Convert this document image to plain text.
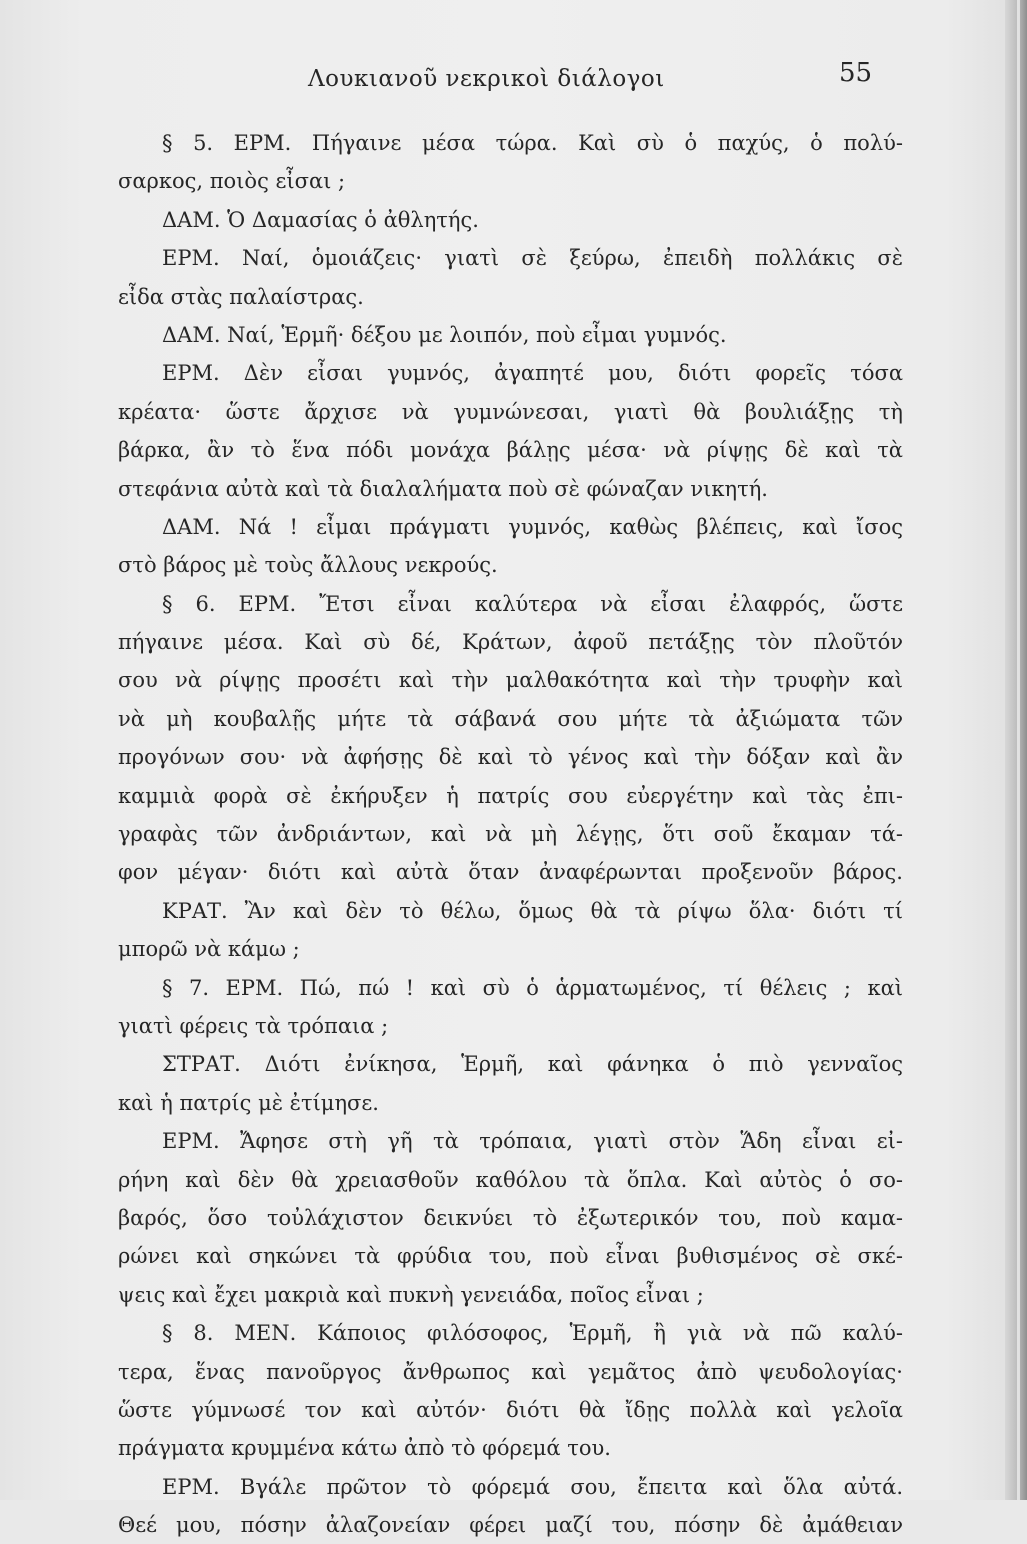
Λουκιανοῦ νεκρικοὶ διάλογοι	55
§ 5. ΕΡΜ. Πήγαινε μέσα τώρα. Καὶ σὺ ὁ παχύς, ὁ πολύ-
σαρκος, ποιὸς εἶσαι ;
ΔΑΜ. Ὁ Δαμασίας ὁ ἀθλητής.
ΕΡΜ. Ναί, ὁμοιάζεις· γιατὶ σὲ ξεύρω, ἐπειδὴ πολλάκις σὲ
εἶδα στὰς παλαίστρας.
ΔΑΜ. Ναί, Ἑρμῆ· δέξου με λοιπόν, ποὺ εἶμαι γυμνός.
ΕΡΜ. Δὲν εἶσαι γυμνός, ἀγαπητέ μου, διότι φορεῖς τόσα
κρέατα· ὥστε ἄρχισε νὰ γυμνώνεσαι, γιατὶ θὰ βουλιάξῃς τὴ
βάρκα, ἂν τὸ ἕνα πόδι μονάχα βάλῃς μέσα· νὰ ρίψῃς δὲ καὶ τὰ
στεφάνια αὐτὰ καὶ τὰ διαλαλήματα ποὺ σὲ φώναζαν νικητή.
ΔΑΜ. Νά ! εἶμαι πράγματι γυμνός, καθὼς βλέπεις, καὶ ἴσος
στὸ βάρος μὲ τοὺς ἄλλους νεκρούς.
§ 6. ΕΡΜ. Ἔτσι εἶναι καλύτερα νὰ εἶσαι ἐλαφρός, ὥστε
πήγαινε μέσα. Καὶ σὺ δέ, Κράτων, ἀφοῦ πετάξῃς τὸν πλοῦτόν
σου νὰ ρίψῃς προσέτι καὶ τὴν μαλθακότητα καὶ τὴν τρυφὴν καὶ
νὰ μὴ κουβαλῇς μήτε τὰ σάβανά σου μήτε τὰ ἀξιώματα τῶν
προγόνων σου· νὰ ἀφήσῃς δὲ καὶ τὸ γένος καὶ τὴν δόξαν καὶ ἂν
καμμιὰ φορὰ σὲ ἐκήρυξεν ἡ πατρίς σου εὐεργέτην καὶ τὰς ἐπι-
γραφὰς τῶν ἀνδριάντων, καὶ νὰ μὴ λέγῃς, ὅτι σοῦ ἔκαμαν τά-
φον μέγαν· διότι καὶ αὐτὰ ὅταν ἀναφέρωνται προξενοῦν βάρος.
ΚΡΑΤ. Ἂν καὶ δὲν τὸ θέλω, ὅμως θὰ τὰ ρίψω ὅλα· διότι τί
μπορῶ νὰ κάμω ;
§ 7. ΕΡΜ. Πώ, πώ ! καὶ σὺ ὁ ἁρματωμένος, τί θέλεις ; καὶ
γιατὶ φέρεις τὰ τρόπαια ;
ΣΤΡΑΤ. Διότι ἐνίκησα, Ἑρμῆ, καὶ φάνηκα ὁ πιὸ γενναῖος
καὶ ἡ πατρίς μὲ ἐτίμησε.
ΕΡΜ. Ἄφησε στὴ γῆ τὰ τρόπαια, γιατὶ στὸν Ἅδη εἶναι εἰ-
ρήνη καὶ δὲν θὰ χρειασθοῦν καθόλου τὰ ὅπλα. Καὶ αὐτὸς ὁ σο-
βαρός, ὅσο τοὐλάχιστον δεικνύει τὸ ἐξωτερικόν του, ποὺ καμα-
ρώνει καὶ σηκώνει τὰ φρύδια του, ποὺ εἶναι βυθισμένος σὲ σκέ-
ψεις καὶ ἔχει μακριὰ καὶ πυκνὴ γενειάδα, ποῖος εἶναι ;
§ 8. ΜΕΝ. Κάποιος φιλόσοφος, Ἑρμῆ, ἢ γιὰ νὰ πῶ καλύ-
τερα, ἕνας πανοῦργος ἄνθρωπος καὶ γεμᾶτος ἀπὸ ψευδολογίας·
ὥστε γύμνωσέ τον καὶ αὐτόν· διότι θὰ ἴδῃς πολλὰ καὶ γελοῖα
πράγματα κρυμμένα κάτω ἀπὸ τὸ φόρεμά του.
ΕΡΜ. Βγάλε πρῶτον τὸ φόρεμά σου, ἔπειτα καὶ ὅλα αὐτά.
Θεέ μου, πόσην ἀλαζονείαν φέρει μαζί του, πόσην δὲ ἀμάθειαν
